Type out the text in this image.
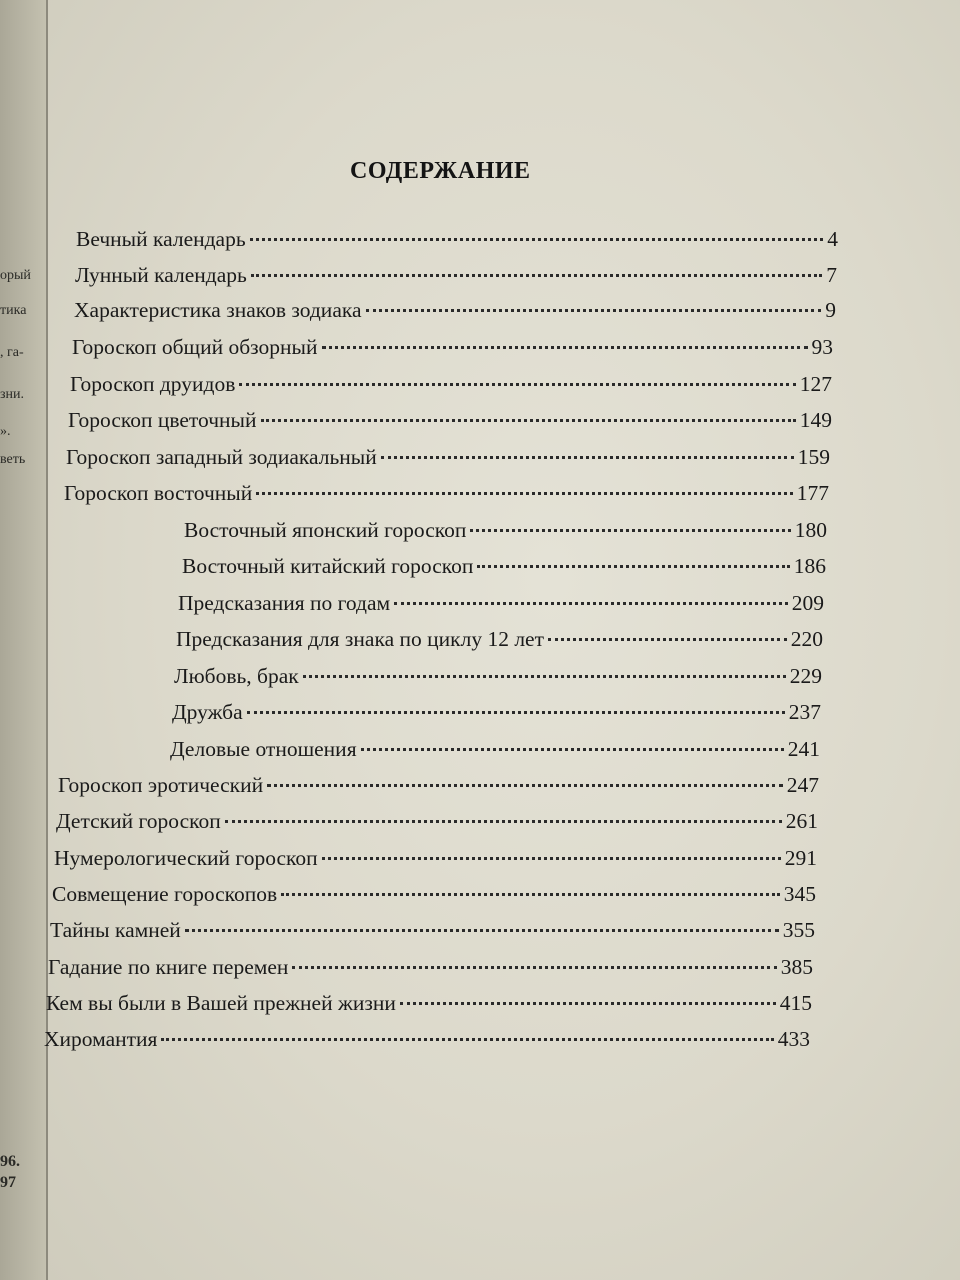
орый
тика
, га-
зни.
».
веть
96.
97
СОДЕРЖАНИЕ
Вечный календарь	4
Лунный календарь	7
Характеристика знаков зодиака	9
Гороскоп общий обзорный	93
Гороскоп друидов	127
Гороскоп цветочный	149
Гороскоп западный зодиакальный	159
Гороскоп восточный	177
Восточный японский гороскоп	180
Восточный китайский гороскоп	186
Предсказания по годам	209
Предсказания для знака по циклу 12 лет	220
Любовь, брак	229
Дружба	237
Деловые отношения	241
Гороскоп эротический	247
Детский гороскоп	261
Нумерологический гороскоп	291
Совмещение гороскопов	345
Тайны камней	355
Гадание по книге перемен	385
Кем вы были в Вашей прежней жизни	415
Хиромантия	433
